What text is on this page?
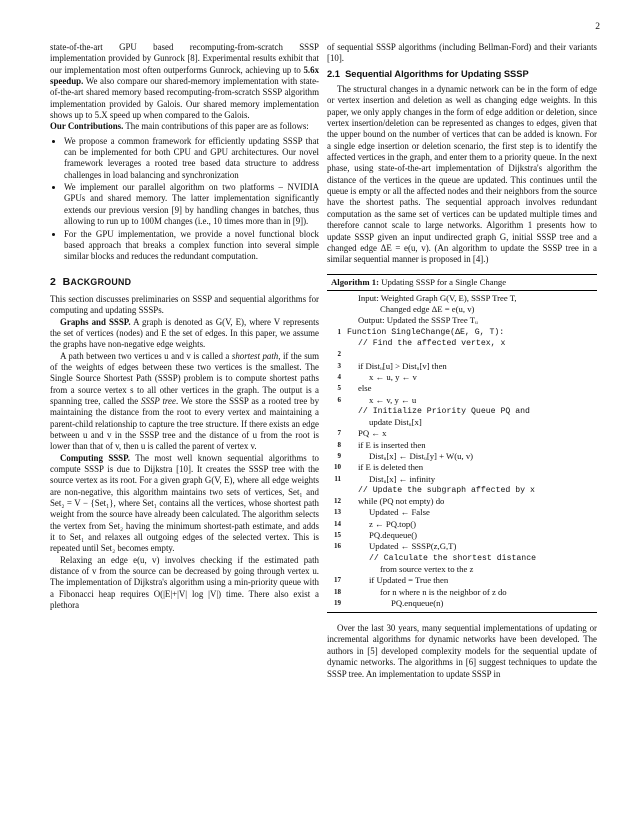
2

state-of-the-art GPU based recomputing-from-scratch SSSP implementation provided by Gunrock [8]. Experimental results exhibit that our implementation most often outperforms Gunrock, achieving up to 5.6x speedup. We also compare our shared-memory implementation with state-of-the-art shared memory based recomputing-from-scratch SSSP algorithm implementation provided by Galois. Our shared memory implementation shows up to 5.X speed up when compared to the Galois.

Our Contributions. The main contributions of this paper are as follows:

• We propose a common framework for efficiently updating SSSP that can be implemented for both CPU and GPU architectures. Our novel framework leverages a rooted tree based data structure to address challenges in load balancing and synchronization
• We implement our parallel algorithm on two platforms – NVIDIA GPUs and shared memory. The latter implementation significantly extends our previous version [9] by handling changes in batches, thus allowing to run up to 100M changes (i.e., 10 times more than in [9]).
• For the GPU implementation, we provide a novel functional block based approach that breaks a complex function into several simple similar blocks and reduces the redundant computation.
2 BACKGROUND

This section discusses preliminaries on SSSP and sequential algorithms for computing and updating SSSPs.

Graphs and SSSP. A graph is denoted as G(V, E), where V represents the set of vertices (nodes) and E the set of edges. In this paper, we assume the graphs have non-negative edge weights.

A path between two vertices u and v is called a shortest path, if the sum of the weights of edges between these two vertices is the smallest. The Single Source Shortest Path (SSSP) problem is to compute shortest paths from a source vertex s to all other vertices in the graph. The output is a spanning tree, called the SSSP tree. We store the SSSP as a rooted tree by maintaining the distance from the root to every vertex and maintaining a parent-child relationship to capture the tree structure. If there exists an edge between u and v in the SSSP tree and the distance of u from the root is lower than that of v, then u is called the parent of vertex v.

Computing SSSP. The most well known sequential algorithms to compute SSSP is due to Dijkstra [10]. It creates the SSSP tree with the source vertex as its root. For a given graph G(V, E), where all edge weights are non-negative, this algorithm maintains two sets of vertices, Set₁ and Set₂ = V − {Set₁}, where Set₁ contains all the vertices, whose shortest path weight from the source have already been calculated. The algorithm selects the vertex from Set₂ having the minimum shortest-path estimate, and adds it to Set₁ and relaxes all outgoing edges of the selected vertex. This is repeated until Set₂ becomes empty.

Relaxing an edge e(u, v) involves checking if the estimated path distance of v from the source can be decreased by going through vertex u. The implementation of Dijkstra's algorithm using a min-priority queue with a Fibonacci heap requires O(|E|+|V| log |V|) time. There also exist a plethora

of sequential SSSP algorithms (including Bellman-Ford) and their variants [10].

2.1 Sequential Algorithms for Updating SSSP

The structural changes in a dynamic network can be in the form of edge or vertex insertion and deletion as well as changing edge weights. In this paper, we only apply changes in the form of edge addition or deletion, since vertex insertion/deletion can be represented as changes to edges, given that the upper bound on the number of vertices that can be added is known. For a single edge insertion or deletion scenario, the first step is to identify the affected vertices in the graph, and enter them to a priority queue. In the next phase, using state-of-the-art implementation of Dijkstra's algorithm the distance of the vertices in the queue are updated. This continues until the queue is empty or all the affected nodes and their neighbors from the source have the shortest paths. The sequential approach involves redundant computation as the same set of vertices can be updated multiple times and therefore cannot scale to large networks. Algorithm 1 presents how to update SSSP given an input undirected graph G, initial SSSP tree and a changed edge ΔE = e(u, v). (An algorithm to update the SSSP tree in a similar sequential manner is proposed in [4].)

Algorithm 1: Updating SSSP for a Single Change
Input: Weighted Graph G(V, E), SSSP Tree T,
Changed edge ΔE = e(u, v)
Output: Updated the SSSP Tree Tᵤ
1 Function SingleChange(ΔE, G, T):
// Find the affected vertex, x
2
3	if Distᵤ[u] > Distᵤ[v] then
4	x ← u, y ← v
5	else
6	x ← v, y ← u
// Initialize Priority Queue PQ and
update Distᵤ[x]
7	PQ ← x
8	if E is inserted then
9	Distᵤ[x] ← Distᵤ[y] + W(u, v)
10	if E is deleted then
11	Distᵤ[x] ← infinity
// Update the subgraph affected by x
12	while (PQ not empty) do
13	Updated ← False
14	z ← PQ.top()
15	PQ.dequeue()
16	Updated ← SSSP(z,G,T)
// Calculate the shortest distance
from source vertex to the z
17	if Updated = True then
18	for n where n is the neighbor of z do
19	PQ.enqueue(n)

Over the last 30 years, many sequential implementations of updating or incremental algorithms for dynamic networks have been developed. The authors in [5] developed complexity models for the sequential update of dynamic networks. The algorithms in [6] suggest techniques to update the SSSP tree. An implementation to update SSSP in
